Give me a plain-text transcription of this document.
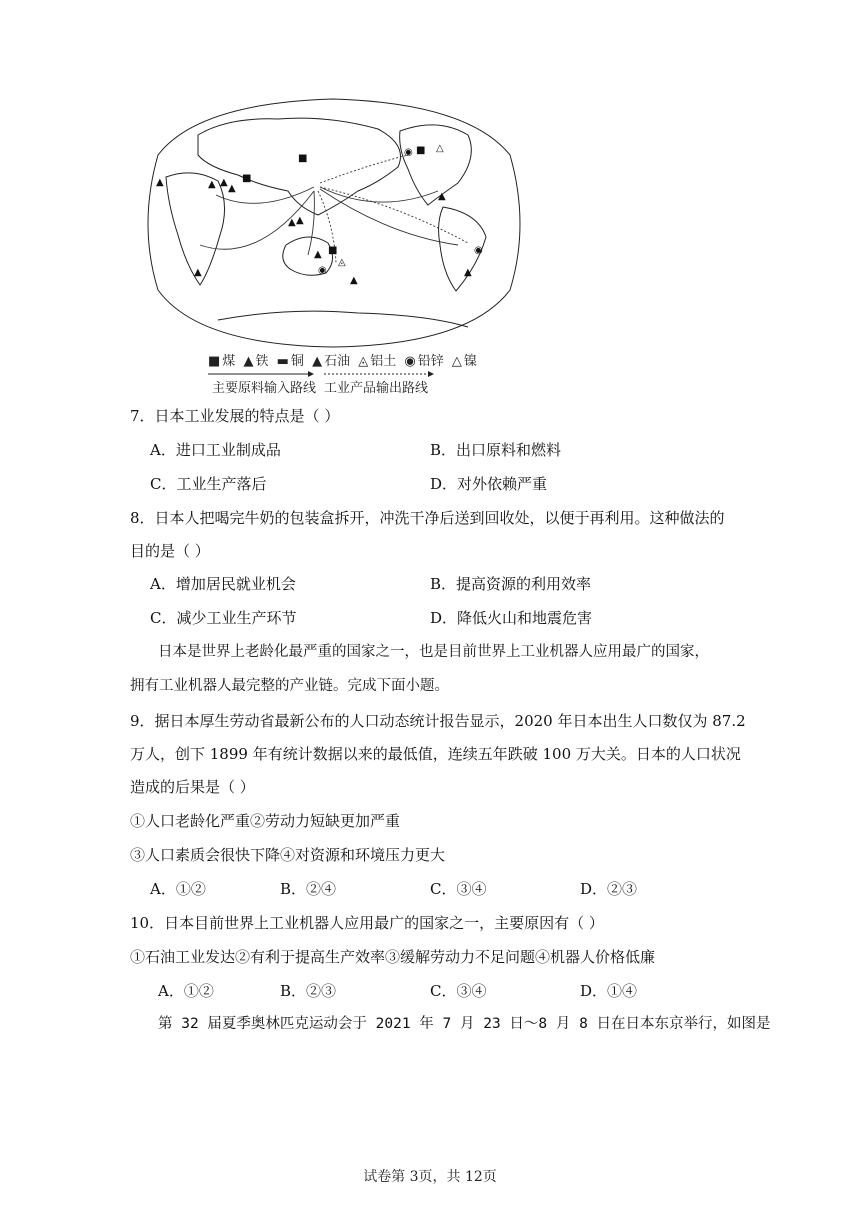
■
▲ ▲
▲
▲	■
▲ ▲
▲ ■
◉
◬
◉ ■ △
▲
◉
▲
▲
▲
■ 煤 ▲ 铁 ▬ 铜 ▲ 石油 ◬ 铝土 ◉ 铅锌 △ 镍
主要原料输入路线 工业产品输出路线
7．日本工业发展的特点是（ ）
A．进口工业制成品	B．出口原料和燃料
C．工业生产落后	D．对外依赖严重
8．日本人把喝完牛奶的包装盒拆开，冲洗干净后送到回收处，以便于再利用。这种做法的
目的是（ ）
A．增加居民就业机会	B．提高资源的利用效率
C．减少工业生产环节	D．降低火山和地震危害
日本是世界上老龄化最严重的国家之一，也是目前世界上工业机器人应用最广的国家，
拥有工业机器人最完整的产业链。完成下面小题。
9．据日本厚生劳动省最新公布的人口动态统计报告显示，2020 年日本出生人口数仅为 87.2
万人，创下 1899 年有统计数据以来的最低值，连续五年跌破 100 万大关。日本的人口状况
造成的后果是（ ）
①人口老龄化严重②劳动力短缺更加严重
③人口素质会很快下降④对资源和环境压力更大
A．①②	B．②④	C．③④	D．②③
10．日本目前世界上工业机器人应用最广的国家之一，主要原因有（ ）
①石油工业发达②有利于提高生产效率③缓解劳动力不足问题④机器人价格低廉
A．①②	B．②③	C．③④	D．①④
第 32 届夏季奥林匹克运动会于 2021 年 7 月 23 日～8 月 8 日在日本东京举行，如图是
试卷第 3页，共 12页
